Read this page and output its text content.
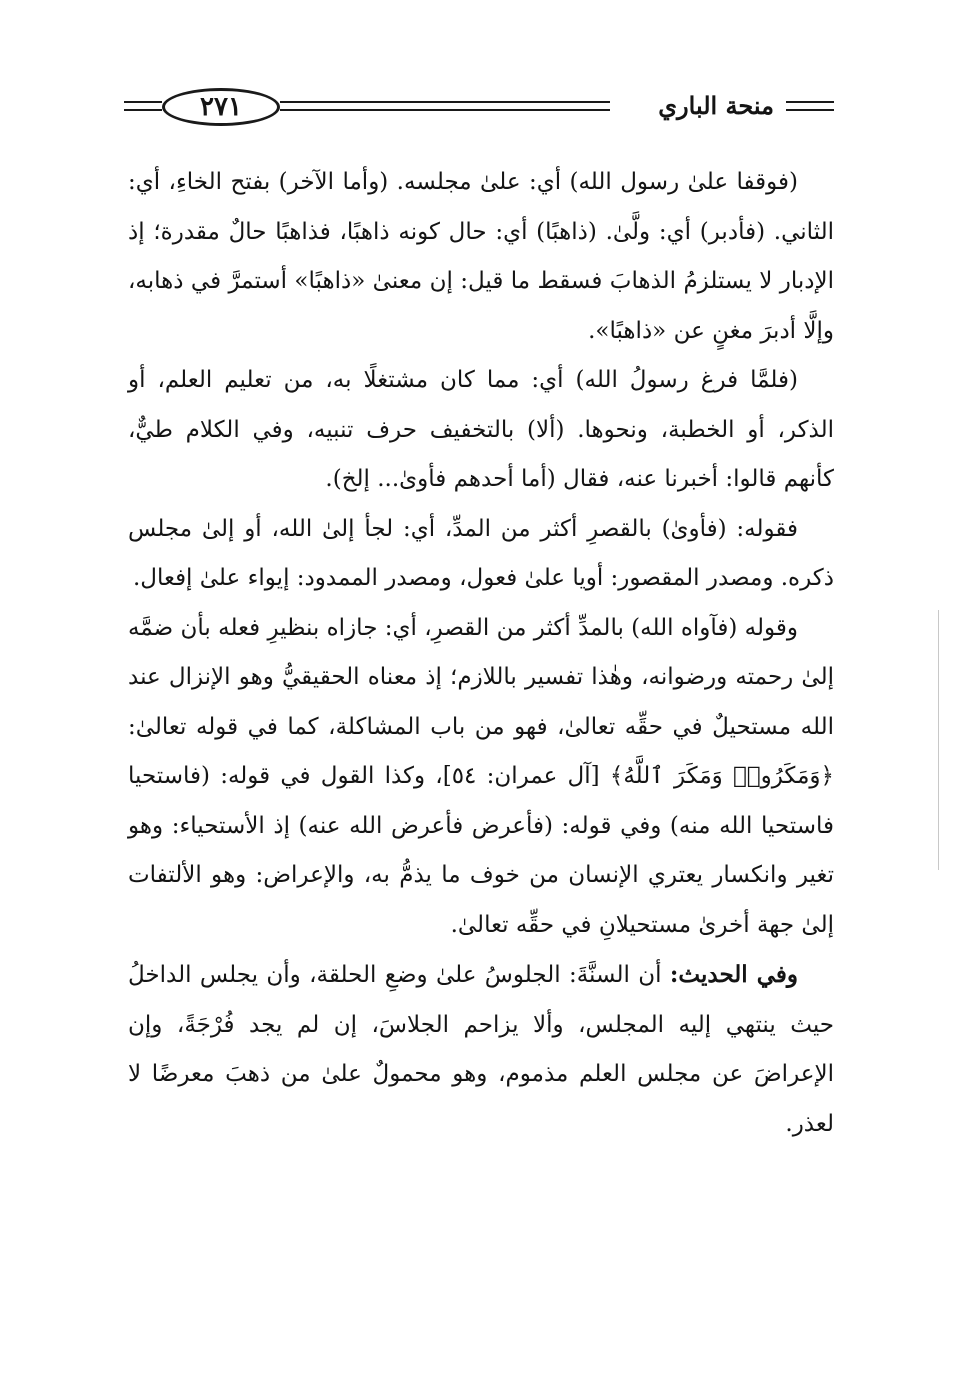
٢٧١	منحة الباري

(فوقفا علىٰ رسول الله) أي: علىٰ مجلسه. (وأما الآخر) بفتح الخاءِ، أي: الثاني. (فأدبر) أي: ولَّىٰ. (ذاهبًا) أي: حال كونه ذاهبًا، فذاهبًا حالٌ مقدرة؛ إذ الإدبار لا يستلزمُ الذهابَ فسقط ما قيل: إن معنىٰ «ذاهبًا» أستمرَّ في ذهابه، وإلَّا أدبرَ مغنٍ عن «ذاهبًا».

(فلمَّا فرغ رسولُ الله) أي: مما كان مشتغلًا به، من تعليم العلم، أو الذكر، أو الخطبة، ونحوها. (ألا) بالتخفيف حرف تنبيه، وفي الكلام طيٌّ، كأنهم قالوا: أخبرنا عنه، فقال (أما أحدهم فأوىٰ... إلخ).

فقوله: (فأوىٰ) بالقصرِ أكثر من المدِّ، أي: لجأ إلىٰ الله، أو إلىٰ مجلس ذكره. ومصدر المقصور: أويا علىٰ فعول، ومصدر الممدود: إيواء علىٰ إفعال.

وقوله (فآواه الله) بالمدِّ أكثر من القصرِ، أي: جازاه بنظيرِ فعله بأن ضمَّه إلىٰ رحمته ورضوانه، وهٰذا تفسير باللازم؛ إذ معناه الحقيقيُّ وهو الإنزال عند الله مستحيلٌ في حقِّه تعالىٰ، فهو من باب المشاكلة، كما في قوله تعالىٰ: ﴿وَمَكَرُوا۟ وَمَكَرَ ٱللَّهُ﴾ [آل عمران: ٥٤]، وكذا القول في قوله: (فاستحيا فاستحيا الله منه) وفي قوله: (فأعرض فأعرض الله عنه) إذ الأستحياء: وهو تغير وانكسار يعتري الإنسان من خوف ما يذمُّ به، والإعراض: وهو الألتفات إلىٰ جهة أخرىٰ مستحيلانِ في حقِّه تعالىٰ.

وفي الحديث: أن السنَّةَ: الجلوسُ علىٰ وضعِ الحلقة، وأن يجلس الداخلُ حيث ينتهي إليه المجلس، وألا يزاحم الجلاسَ، إن لم يجد فُرْجَةً، وإن الإعراضَ عن مجلس العلم مذموم، وهو محمولٌ علىٰ من ذهبَ معرضًا لا لعذر.
